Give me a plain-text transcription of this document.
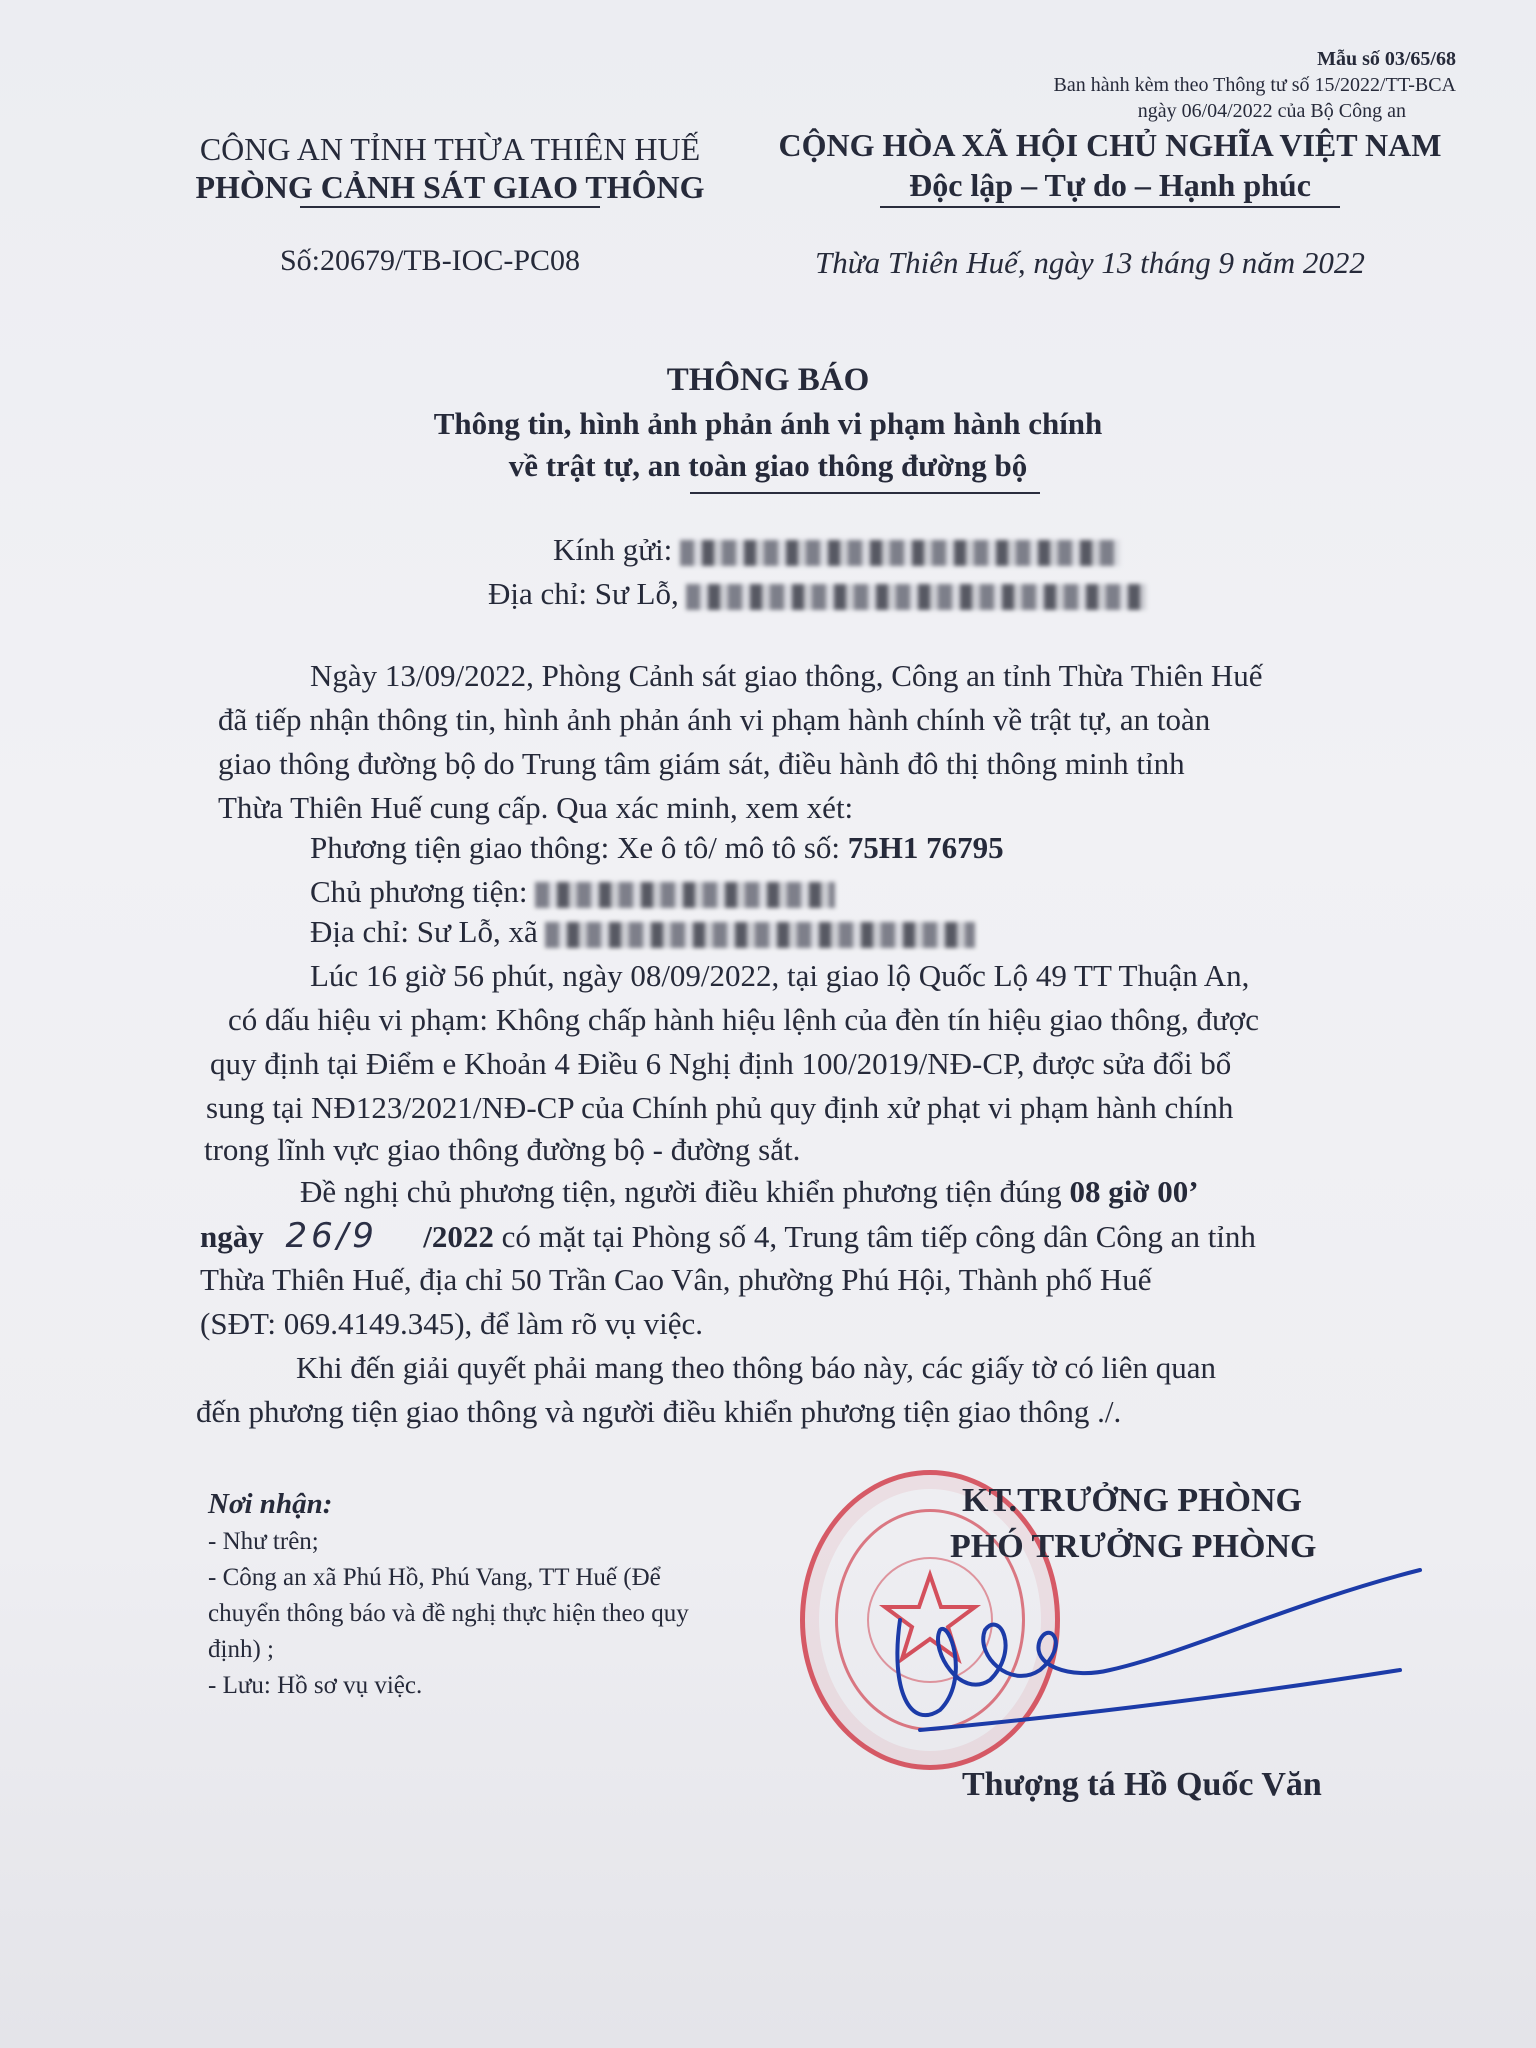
Mẫu số 03/65/68
Ban hành kèm theo Thông tư số 15/2022/TT-BCA
ngày 06/04/2022 của Bộ Công an
CÔNG AN TỈNH THỪA THIÊN HUẾ
PHÒNG CẢNH SÁT GIAO THÔNG
Số:20679/TB-IOC-PC08
CỘNG HÒA XÃ HỘI CHỦ NGHĨA VIỆT NAM
Độc lập – Tự do – Hạnh phúc
Thừa Thiên Huế, ngày 13 tháng 9 năm 2022
THÔNG BÁO
Thông tin, hình ảnh phản ánh vi phạm hành chính
về trật tự, an toàn giao thông đường bộ
Kính gửi:
Địa chỉ: Sư Lỗ,
Ngày 13/09/2022, Phòng Cảnh sát giao thông, Công an tỉnh Thừa Thiên Huế
đã tiếp nhận thông tin, hình ảnh phản ánh vi phạm hành chính về trật tự, an toàn
giao thông đường bộ do Trung tâm giám sát, điều hành đô thị thông minh tỉnh
Thừa Thiên Huế cung cấp. Qua xác minh, xem xét:
Phương tiện giao thông: Xe ô tô/ mô tô số: 75H1 76795
Chủ phương tiện:
Địa chỉ: Sư Lỗ, xã
Lúc 16 giờ 56 phút, ngày 08/09/2022, tại giao lộ Quốc Lộ 49 TT Thuận An,
có dấu hiệu vi phạm: Không chấp hành hiệu lệnh của đèn tín hiệu giao thông, được
quy định tại Điểm e Khoản 4 Điều 6 Nghị định 100/2019/NĐ-CP, được sửa đổi bổ
sung tại NĐ123/2021/NĐ-CP của Chính phủ quy định xử phạt vi phạm hành chính
trong lĩnh vực giao thông đường bộ - đường sắt.
Đề nghị chủ phương tiện, người điều khiển phương tiện đúng 08 giờ 00’
ngày 26/9 /2022 có mặt tại Phòng số 4, Trung tâm tiếp công dân Công an tỉnh
Thừa Thiên Huế, địa chỉ 50 Trần Cao Vân, phường Phú Hội, Thành phố Huế
(SĐT: 069.4149.345), để làm rõ vụ việc.
Khi đến giải quyết phải mang theo thông báo này, các giấy tờ có liên quan
đến phương tiện giao thông và người điều khiển phương tiện giao thông ./.
Nơi nhận:
- Như trên;
- Công an xã Phú Hồ, Phú Vang, TT Huế (Để
chuyển thông báo và đề nghị thực hiện theo quy
định) ;
- Lưu: Hồ sơ vụ việc.
KT.TRƯỞNG PHÒNG
PHÓ TRƯỞNG PHÒNG
Thượng tá Hồ Quốc Văn
